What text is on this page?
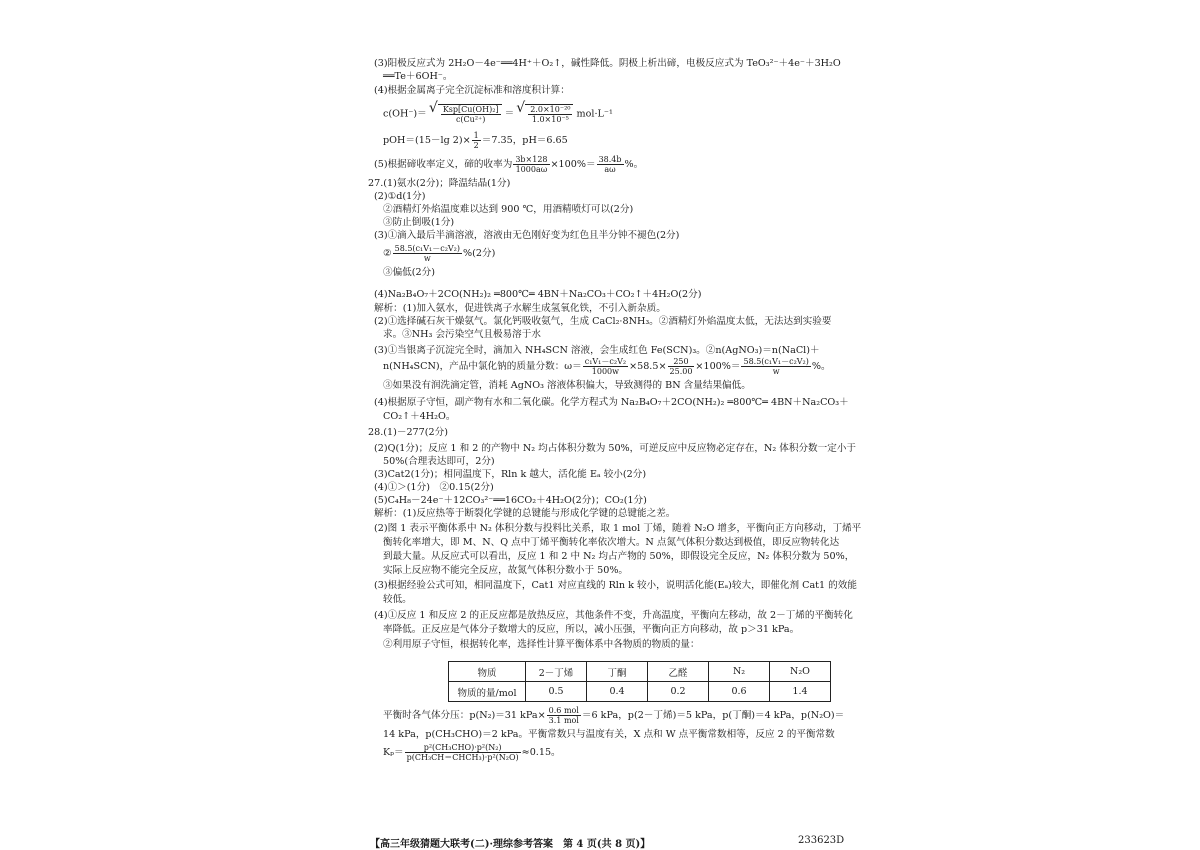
(3)阳极反应式为 2H₂O－4e⁻══4H⁺＋O₂↑，碱性降低。阴极上析出碲，电极反应式为 TeO₃²⁻＋4e⁻＋3H₂O
══Te＋6OH⁻。
(4)根据金属离子完全沉淀标准和溶度积计算：
27.(1)氨水(2分)；降温结晶(1分)
(2)①d(1分)
②酒精灯外焰温度难以达到 900 ℃，用酒精喷灯可以(2分)
③防止倒吸(1分)
(3)①滴入最后半滴溶液，溶液由无色刚好变为红色且半分钟不褪色(2分)
③偏低(2分)
(4)Na₂B₄O₇＋2CO(NH₂)₂ ═800℃═ 4BN＋Na₂CO₃＋CO₂↑＋4H₂O(2分)
解析：(1)加入氨水，促进铁离子水解生成氢氧化铁，不引入新杂质。
(2)①选择碱石灰干燥氨气。氯化钙吸收氨气，生成 CaCl₂·8NH₃。②酒精灯外焰温度太低，无法达到实验要
求。③NH₃ 会污染空气且极易溶于水
(3)①当银离子沉淀完全时，滴加入 NH₄SCN 溶液，会生成红色 Fe(SCN)₃。②n(AgNO₃)＝n(NaCl)＋
③如果没有润洗滴定管，消耗 AgNO₃ 溶液体积偏大，导致测得的 BN 含量结果偏低。
(4)根据原子守恒，副产物有水和二氧化碳。化学方程式为 Na₂B₄O₇＋2CO(NH₂)₂ ═800℃═ 4BN＋Na₂CO₃＋
CO₂↑＋4H₂O。
28.(1)－277(2分)
(2)Q(1分)；反应 1 和 2 的产物中 N₂ 均占体积分数为 50%，可逆反应中反应物必定存在，N₂ 体积分数一定小于
50%(合理表达即可，2分)
(3)Cat2(1分)；相同温度下，Rln k 越大，活化能 Eₐ 较小(2分)
(4)①＞(1分)　②0.15(2分)
(5)C₄H₈－24e⁻＋12CO₃²⁻══16CO₂＋4H₂O(2分)；CO₂(1分)
解析：(1)反应热等于断裂化学键的总键能与形成化学键的总键能之差。
(2)图 1 表示平衡体系中 N₂ 体积分数与投料比关系，取 1 mol 丁烯，随着 N₂O 增多，平衡向正方向移动，丁烯平
衡转化率增大，即 M、N、Q 点中丁烯平衡转化率依次增大。N 点氮气体积分数达到极值，即反应物转化达
到最大量。从反应式可以看出，反应 1 和 2 中 N₂ 均占产物的 50%，即假设完全反应，N₂ 体积分数为 50%，
实际上反应物不能完全反应，故氮气体积分数小于 50%。
(3)根据经验公式可知，相同温度下，Cat1 对应直线的 Rln k 较小，说明活化能(Eₐ)较大，即催化剂 Cat1 的效能
较低。
(4)①反应 1 和反应 2 的正反应都是放热反应，其他条件不变，升高温度，平衡向左移动，故 2－丁烯的平衡转化
率降低。正反应是气体分子数增大的反应，所以，减小压强，平衡向正方向移动，故 p＞31 kPa。
②利用原子守恒，根据转化率，选择性计算平衡体系中各物质的物质的量：
14 kPa，p(CH₃CHO)＝2 kPa。平衡常数只与温度有关，X 点和 W 点平衡常数相等，反应 2 的平衡常数
c(OH⁻)＝ √ $\frac{\text{Ksp[Cu(OH)₂]}}{\text{c(Cu²⁺)}}$ ＝ √ $\frac{\text{2.0×10⁻²⁰}}{\text{1.0×10⁻⁵}} mol\cdot L^{-1}$
pOH＝(15－lg $2)\times \frac{1}{2} =7.35$，pH＝6.65
(5)根据碲收率定义，碲的收率为 $\frac{3b\times 128}{1000a\omega} \times 100\%= \frac{38.4b}{a\omega}$ %。
② $\frac{\text{58.5(c₁V₁－c₂V₂)}}{w} \%(2$分)
n(NH₄SCN)，产品中氯化钠的质量分数：$\omega= \frac{\text{c₁V₁－c₂V₂}}{1000w} \times 58.5\times \frac{250}{25.00} \times 100\%= \frac{\text{58.5(c₁V₁－c₂V₂)}}{w}$ %。
物质	2－丁烯	丁酮	乙醛	N₂	N₂O
物质的量/mol	0.5	0.4	0.2	0.6	1.4
平衡时各气体分压：p(N₂)＝31 $kPa\times \frac{\text{0.6 mol}}{\text{3.1 mol}} =6$ kPa，p(2－丁烯)＝5 kPa，p(丁酮)＝4 kPa，p(N₂O)＝
$K_p= \frac{\text{p²(CH₃CHO)·p²(N₂)}}{\text{p(CH₃CH＝CHCH₃)·p²(N₂O)}} \approx 0.15$。
【高三年级猜题大联考(二)·理综参考答案　第 4 页(共 8 页)】	233623D
